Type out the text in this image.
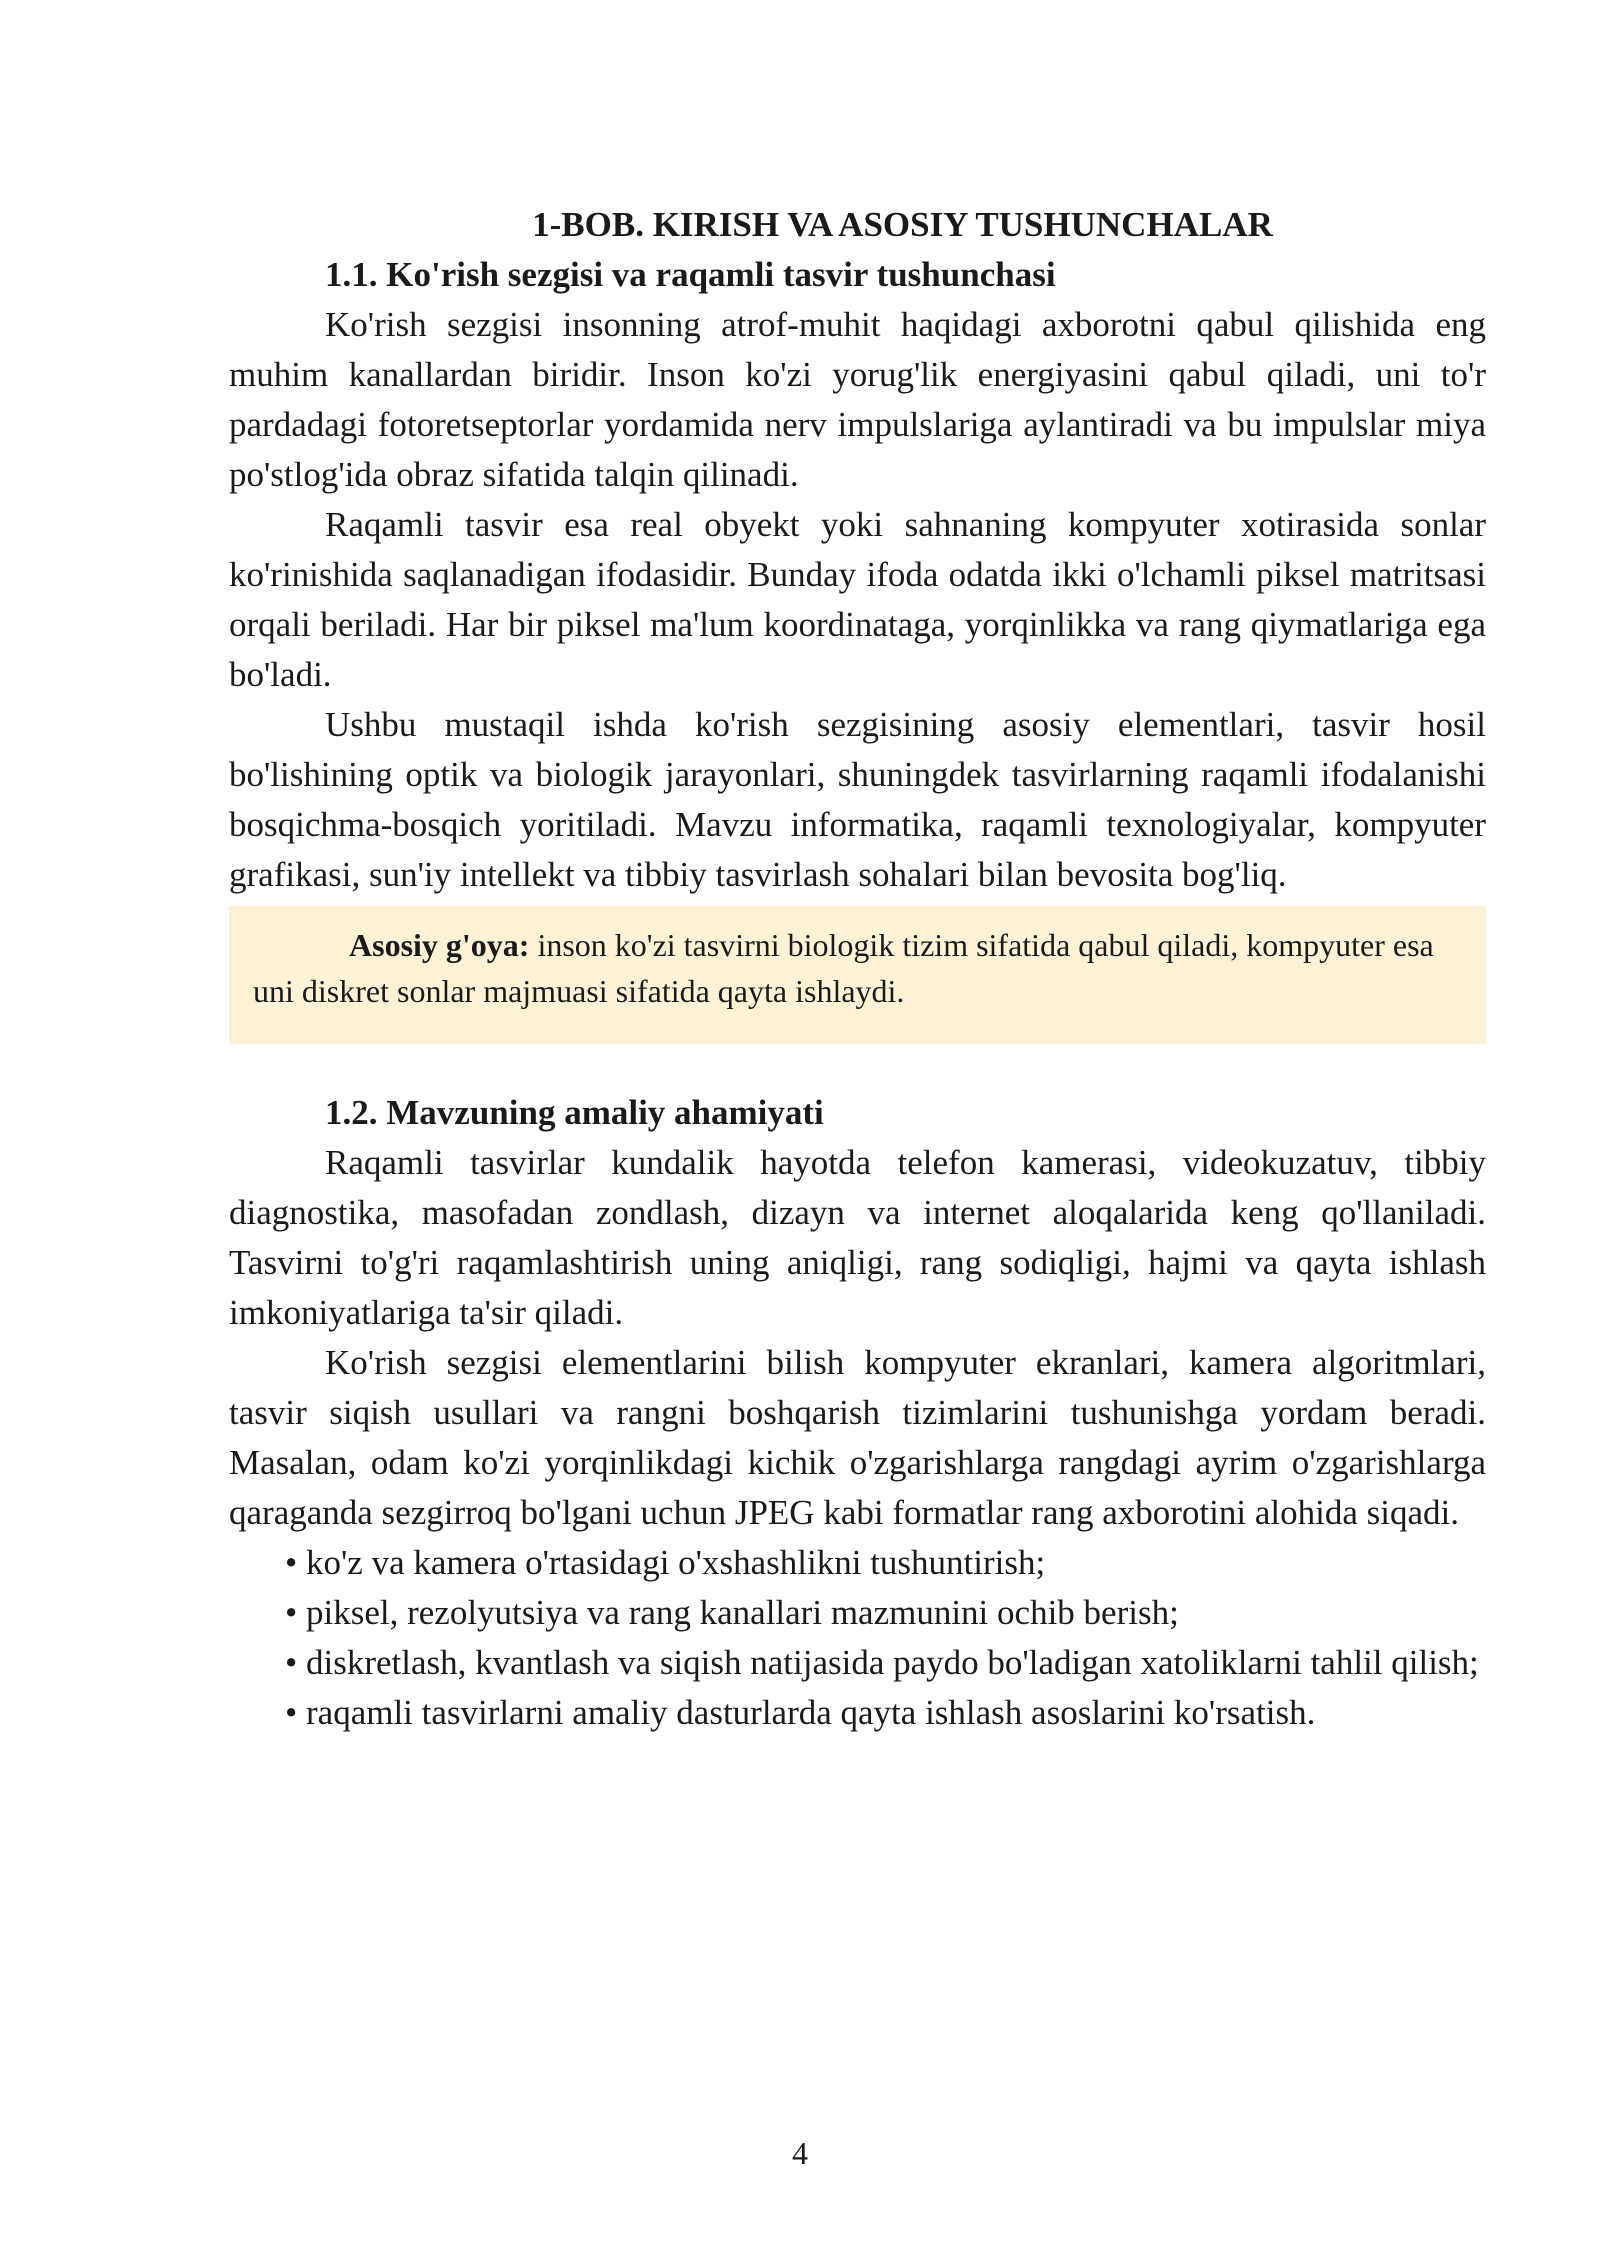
1-BOB. KIRISH VA ASOSIY TUSHUNCHALAR
1.1. Ko'rish sezgisi va raqamli tasvir tushunchasi

Ko'rish sezgisi insonning atrof-muhit haqidagi axborotni qabul qilishida eng muhim kanallardan biridir. Inson ko'zi yorug'lik energiyasini qabul qiladi, uni to'r pardadagi fotoretseptorlar yordamida nerv impulslariga aylantiradi va bu impulslar miya po'stlog'ida obraz sifatida talqin qilinadi.

Raqamli tasvir esa real obyekt yoki sahnaning kompyuter xotirasida sonlar ko'rinishida saqlanadigan ifodasidir. Bunday ifoda odatda ikki o'lchamli piksel matritsasi orqali beriladi. Har bir piksel ma'lum koordinataga, yorqinlikka va rang qiymatlariga ega bo'ladi.

Ushbu mustaqil ishda ko'rish sezgisining asosiy elementlari, tasvir hosil bo'lishining optik va biologik jarayonlari, shuningdek tasvirlarning raqamli ifodalanishi bosqichma-bosqich yoritiladi. Mavzu informatika, raqamli texnologiyalar, kompyuter grafikasi, sun'iy intellekt va tibbiy tasvirlash sohalari bilan bevosita bog'liq.

Asosiy g'oya: inson ko'zi tasvirni biologik tizim sifatida qabul qiladi, kompyuter esa uni diskret sonlar majmuasi sifatida qayta ishlaydi.
1.2. Mavzuning amaliy ahamiyati

Raqamli tasvirlar kundalik hayotda telefon kamerasi, videokuzatuv, tibbiy diagnostika, masofadan zondlash, dizayn va internet aloqalarida keng qo'llaniladi. Tasvirni to'g'ri raqamlashtirish uning aniqligi, rang sodiqligi, hajmi va qayta ishlash imkoniyatlariga ta'sir qiladi.

Ko'rish sezgisi elementlarini bilish kompyuter ekranlari, kamera algoritmlari, tasvir siqish usullari va rangni boshqarish tizimlarini tushunishga yordam beradi. Masalan, odam ko'zi yorqinlikdagi kichik o'zgarishlarga rangdagi ayrim o'zgarishlarga qaraganda sezgirroq bo'lgani uchun JPEG kabi formatlar rang axborotini alohida siqadi.

• ko'z va kamera o'rtasidagi o'xshashlikni tushuntirish;
• piksel, rezolyutsiya va rang kanallari mazmunini ochib berish;
• diskretlash, kvantlash va siqish natijasida paydo bo'ladigan xatoliklarni tahlil qilish;
• raqamli tasvirlarni amaliy dasturlarda qayta ishlash asoslarini ko'rsatish.
4
